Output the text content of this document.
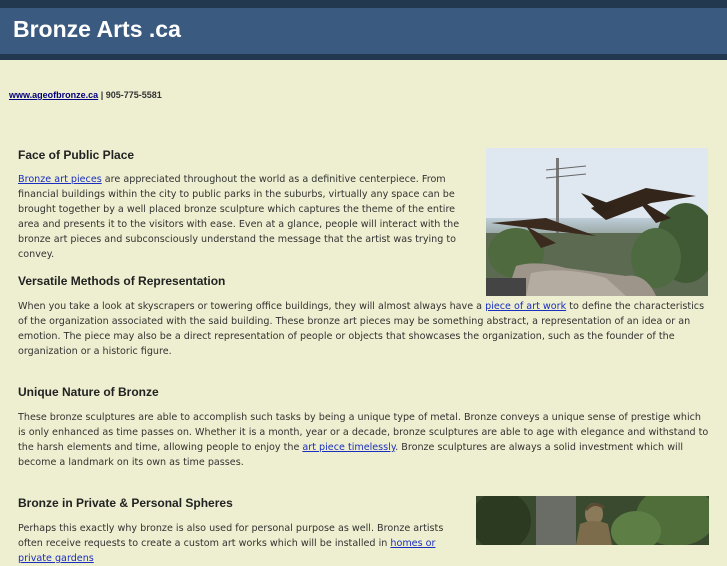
Bronze Arts .ca
www.ageofbronze.ca | 905-775-5581
Face of Public Place
Bronze art pieces are appreciated throughout the world as a definitive centerpiece. From financial buildings within the city to public parks in the suburbs, virtually any space can be brought together by a well placed bronze sculpture which captures the theme of the entire area and presents it to the visitors with ease. Even at a glance, people will interact with the bronze art pieces and subconsciously understand the message that the artist was trying to convey.
Versatile Methods of Representation
When you take a look at skyscrapers or towering office buildings, they will almost always have a piece of art work to define the characteristics of the organization associated with the said building. These bronze art pieces may be something abstract, a representation of an idea or an emotion. The piece may also be a direct representation of people or objects that showcases the organization, such as the founder of the organization or a historic figure.
Unique Nature of Bronze
These bronze sculptures are able to accomplish such tasks by being a unique type of metal. Bronze conveys a unique sense of prestige which is only enhanced as time passes on. Whether it is a month, year or a decade, bronze sculptures are able to age with elegance and withstand to the harsh elements and time, allowing people to enjoy the art piece timelessly. Bronze sculptures are always a solid investment which will become a landmark on its own as time passes.
Bronze in Private & Personal Spheres
Perhaps this exactly why bronze is also used for personal purpose as well. Bronze artists often receive requests to create a custom art works which will be installed in homes or private gardens
